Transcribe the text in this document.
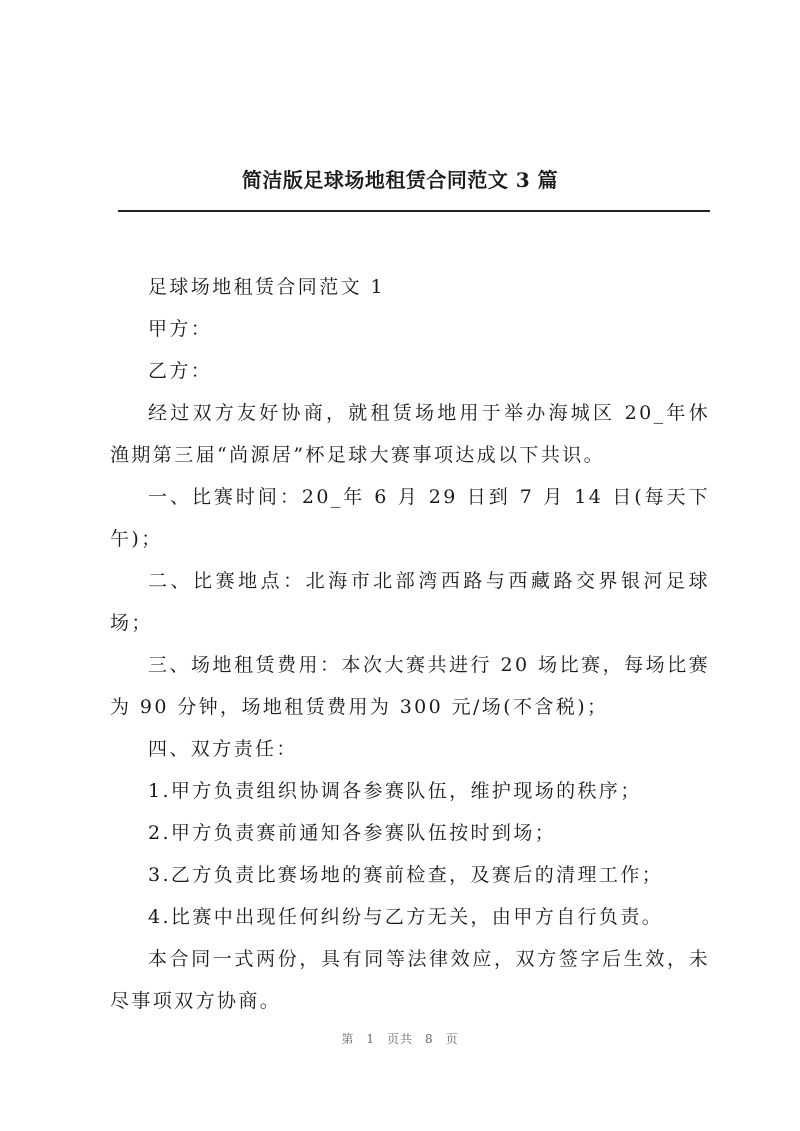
简洁版足球场地租赁合同范文 3 篇

足球场地租赁合同范文 1

甲方：

乙方：

经过双方友好协商，就租赁场地用于举办海城区 20_年休渔期第三届“尚源居”杯足球大赛事项达成以下共识。

一、比赛时间：20_年 6 月 29 日到 7 月 14 日(每天下午)；

二、比赛地点：北海市北部湾西路与西藏路交界银河足球场；

三、场地租赁费用：本次大赛共进行 20 场比赛，每场比赛为 90 分钟，场地租赁费用为 300 元/场(不含税)；

四、双方责任：

1.甲方负责组织协调各参赛队伍，维护现场的秩序；

2.甲方负责赛前通知各参赛队伍按时到场；

3.乙方负责比赛场地的赛前检查，及赛后的清理工作；

4.比赛中出现任何纠纷与乙方无关，由甲方自行负责。

本合同一式两份，具有同等法律效应，双方签字后生效，未尽事项双方协商。

第 1 页共 8 页
